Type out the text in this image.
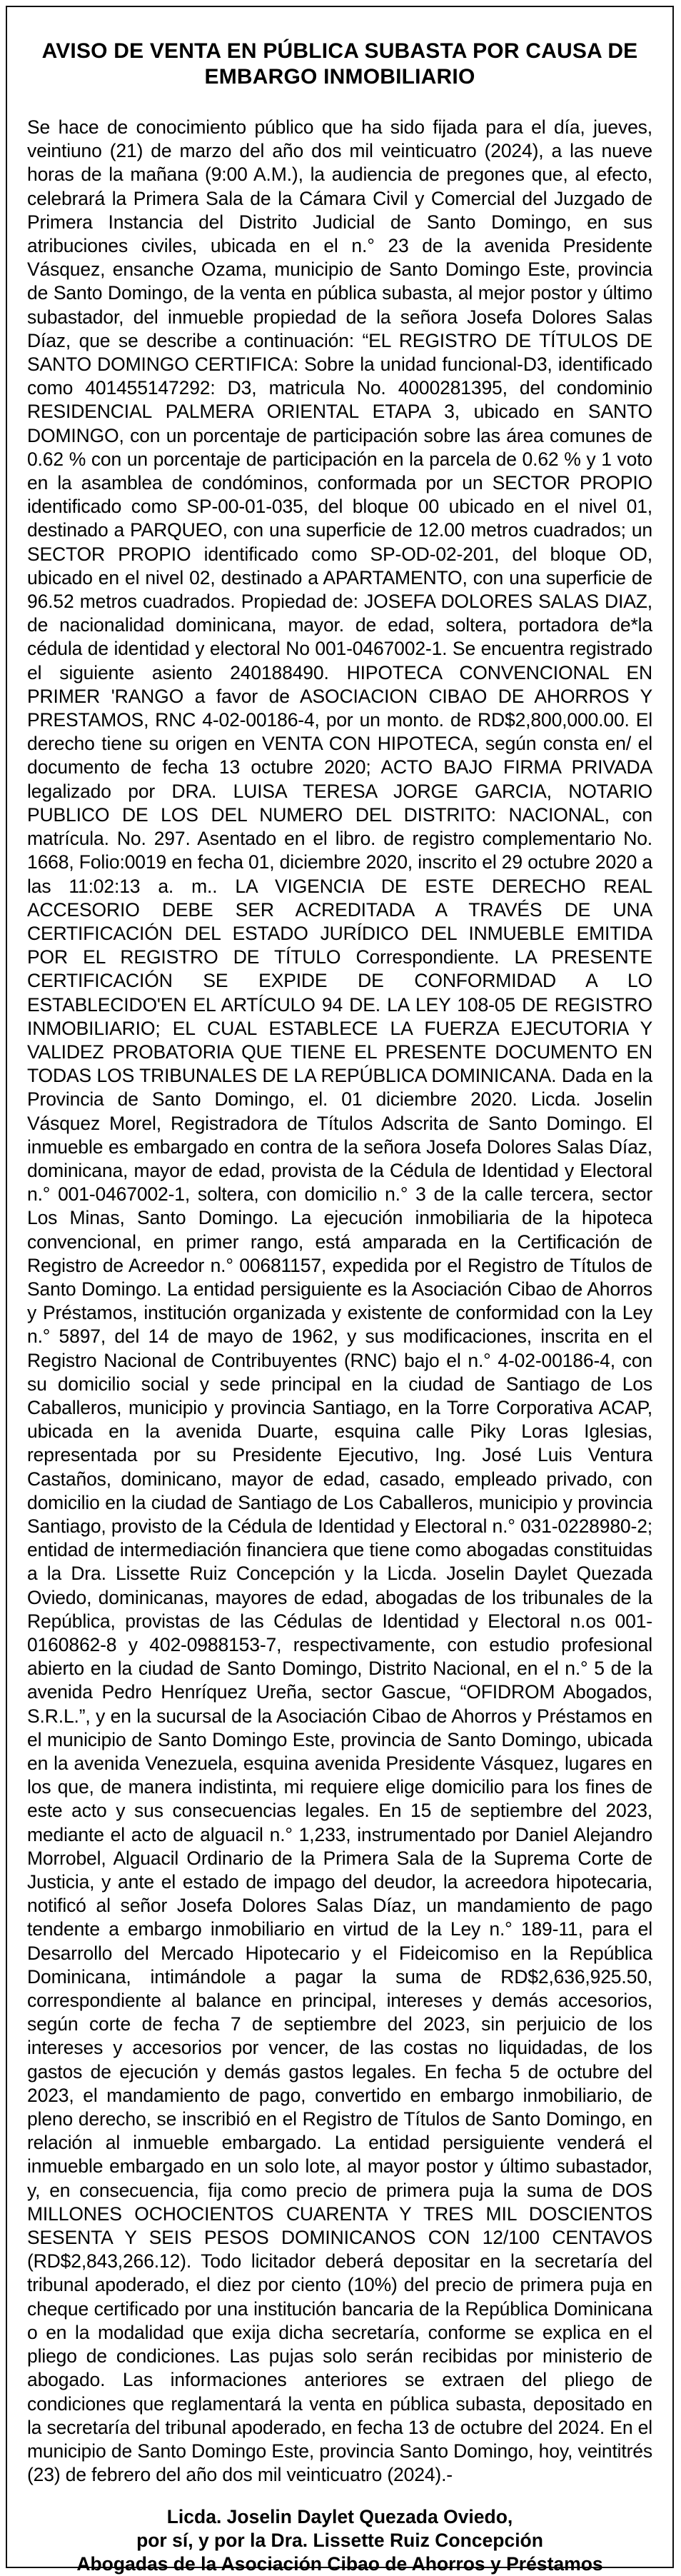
AVISO DE VENTA EN PÚBLICA SUBASTA POR CAUSA DE
EMBARGO INMOBILIARIO

Se hace de conocimiento público que ha sido fijada para el día, jueves, veintiuno (21) de marzo del año dos mil veinticuatro (2024), a las nueve horas de la mañana (9:00 A.M.), la audiencia de pregones que, al efecto, celebrará la Primera Sala de la Cámara Civil y Comercial del Juzgado de Primera Instancia del Distrito Judicial de Santo Domingo, en sus atribuciones civiles, ubicada en el n.° 23 de la avenida Presidente Vásquez, ensanche Ozama, municipio de Santo Domingo Este, provincia de Santo Domingo, de la venta en pública subasta, al mejor postor y último subastador, del inmueble propiedad de la señora Josefa Dolores Salas Díaz, que se describe a continuación: “EL REGISTRO DE TÍTULOS DE SANTO DOMINGO CERTIFICA: Sobre la unidad funcional-D3, identificado como 401455147292: D3, matricula No. 4000281395, del condominio RESIDENCIAL PALMERA ORIENTAL ETAPA 3, ubicado en SANTO DOMINGO, con un porcentaje de participación sobre las área comunes de 0.62 % con un porcentaje de participación en la parcela de 0.62 % y 1 voto en la asamblea de condóminos, conformada por un SECTOR PROPIO identificado como SP-00-01-035, del bloque 00 ubicado en el nivel 01, destinado a PARQUEO, con una superficie de 12.00 metros cuadrados; un SECTOR PROPIO identificado como SP-OD-02-201, del bloque OD, ubicado en el nivel 02, destinado a APARTAMENTO, con una superficie de 96.52 metros cuadrados. Propiedad de: JOSEFA DOLORES SALAS DIAZ, de nacionalidad dominicana, mayor. de edad, soltera, portadora de*la cédula de identidad y electoral No 001-0467002-1. Se encuentra registrado el siguiente asiento 240188490. HIPOTECA CONVENCIONAL EN PRIMER 'RANGO a favor de ASOCIACION CIBAO DE AHORROS Y PRESTAMOS, RNC 4-02-00186-4, por un monto. de RD$2,800,000.00. El derecho tiene su origen en VENTA CON HIPOTECA, según consta en/ el documento de fecha 13 octubre 2020; ACTO BAJO FIRMA PRIVADA legalizado por DRA. LUISA TERESA JORGE GARCIA, NOTARIO PUBLICO DE LOS DEL NUMERO DEL DISTRITO: NACIONAL, con matrícula. No. 297. Asentado en el libro. de registro complementario No. 1668, Folio:0019 en fecha 01, diciembre 2020, inscrito el 29 octubre 2020 a las 11:02:13 a. m.. LA VIGENCIA DE ESTE DERECHO REAL ACCESORIO DEBE SER ACREDITADA A TRAVÉS DE UNA CERTIFICACIÓN DEL ESTADO JURÍDICO DEL INMUEBLE EMITIDA POR EL REGISTRO DE TÍTULO Correspondiente. LA PRESENTE CERTIFICACIÓN SE EXPIDE DE CONFORMIDAD A LO ESTABLECIDO'EN EL ARTÍCULO 94 DE. LA LEY 108-05 DE REGISTRO INMOBILIARIO; EL CUAL ESTABLECE LA FUERZA EJECUTORIA Y VALIDEZ PROBATORIA QUE TIENE EL PRESENTE DOCUMENTO EN TODAS LOS TRIBUNALES DE LA REPÚBLICA DOMINICANA. Dada en la Provincia de Santo Domingo, el. 01 diciembre 2020. Licda. Joselin Vásquez Morel, Registradora de Títulos Adscrita de Santo Domingo. El inmueble es embargado en contra de la señora Josefa Dolores Salas Díaz, dominicana, mayor de edad, provista de la Cédula de Identidad y Electoral n.° 001-0467002-1, soltera, con domicilio n.° 3 de la calle tercera, sector Los Minas, Santo Domingo. La ejecución inmobiliaria de la hipoteca convencional, en primer rango, está amparada en la Certificación de Registro de Acreedor n.° 00681157, expedida por el Registro de Títulos de Santo Domingo. La entidad persiguiente es la Asociación Cibao de Ahorros y Préstamos, institución organizada y existente de conformidad con la Ley n.° 5897, del 14 de mayo de 1962, y sus modificaciones, inscrita en el Registro Nacional de Contribuyentes (RNC) bajo el n.° 4-02-00186-4, con su domicilio social y sede principal en la ciudad de Santiago de Los Caballeros, municipio y provincia Santiago, en la Torre Corporativa ACAP, ubicada en la avenida Duarte, esquina calle Piky Loras Iglesias, representada por su Presidente Ejecutivo, Ing. José Luis Ventura Castaños, dominicano, mayor de edad, casado, empleado privado, con domicilio en la ciudad de Santiago de Los Caballeros, municipio y provincia Santiago, provisto de la Cédula de Identidad y Electoral n.° 031-0228980-2; entidad de intermediación financiera que tiene como abogadas constituidas a la Dra. Lissette Ruiz Concepción y la Licda. Joselin Daylet Quezada Oviedo, dominicanas, mayores de edad, abogadas de los tribunales de la República, provistas de las Cédulas de Identidad y Electoral n.os 001-0160862-8 y 402-0988153-7, respectivamente, con estudio profesional abierto en la ciudad de Santo Domingo, Distrito Nacional, en el n.° 5 de la avenida Pedro Henríquez Ureña, sector Gascue, “OFIDROM Abogados, S.R.L.”, y en la sucursal de la Asociación Cibao de Ahorros y Préstamos en el municipio de Santo Domingo Este, provincia de Santo Domingo, ubicada en la avenida Venezuela, esquina avenida Presidente Vásquez, lugares en los que, de manera indistinta, mi requiere elige domicilio para los fines de este acto y sus consecuencias legales. En 15 de septiembre del 2023, mediante el acto de alguacil n.° 1,233, instrumentado por Daniel Alejandro Morrobel, Alguacil Ordinario de la Primera Sala de la Suprema Corte de Justicia, y ante el estado de impago del deudor, la acreedora hipotecaria, notificó al señor Josefa Dolores Salas Díaz, un mandamiento de pago tendente a embargo inmobiliario en virtud de la Ley n.° 189-11, para el Desarrollo del Mercado Hipotecario y el Fideicomiso en la República Dominicana, intimándole a pagar la suma de RD$2,636,925.50, correspondiente al balance en principal, intereses y demás accesorios, según corte de fecha 7 de septiembre del 2023, sin perjuicio de los intereses y accesorios por vencer, de las costas no liquidadas, de los gastos de ejecución y demás gastos legales. En fecha 5 de octubre del 2023, el mandamiento de pago, convertido en embargo inmobiliario, de pleno derecho, se inscribió en el Registro de Títulos de Santo Domingo, en relación al inmueble embargado. La entidad persiguiente venderá el inmueble embargado en un solo lote, al mayor postor y último subastador, y, en consecuencia, fija como precio de primera puja la suma de DOS MILLONES OCHOCIENTOS CUARENTA Y TRES MIL DOSCIENTOS SESENTA Y SEIS PESOS DOMINICANOS CON 12/100 CENTAVOS (RD$2,843,266.12). Todo licitador deberá depositar en la secretaría del tribunal apoderado, el diez por ciento (10%) del precio de primera puja en cheque certificado por una institución bancaria de la República Dominicana o en la modalidad que exija dicha secretaría, conforme se explica en el pliego de condiciones. Las pujas solo serán recibidas por ministerio de abogado. Las informaciones anteriores se extraen del pliego de condiciones que reglamentará la venta en pública subasta, depositado en la secretaría del tribunal apoderado, en fecha 13 de octubre del 2024. En el municipio de Santo Domingo Este, provincia Santo Domingo, hoy, veintitrés (23) de febrero del año dos mil veinticuatro (2024).-

Licda. Joselin Daylet Quezada Oviedo,
por sí, y por la Dra. Lissette Ruiz Concepción
Abogadas de la Asociación Cibao de Ahorros y Préstamos
